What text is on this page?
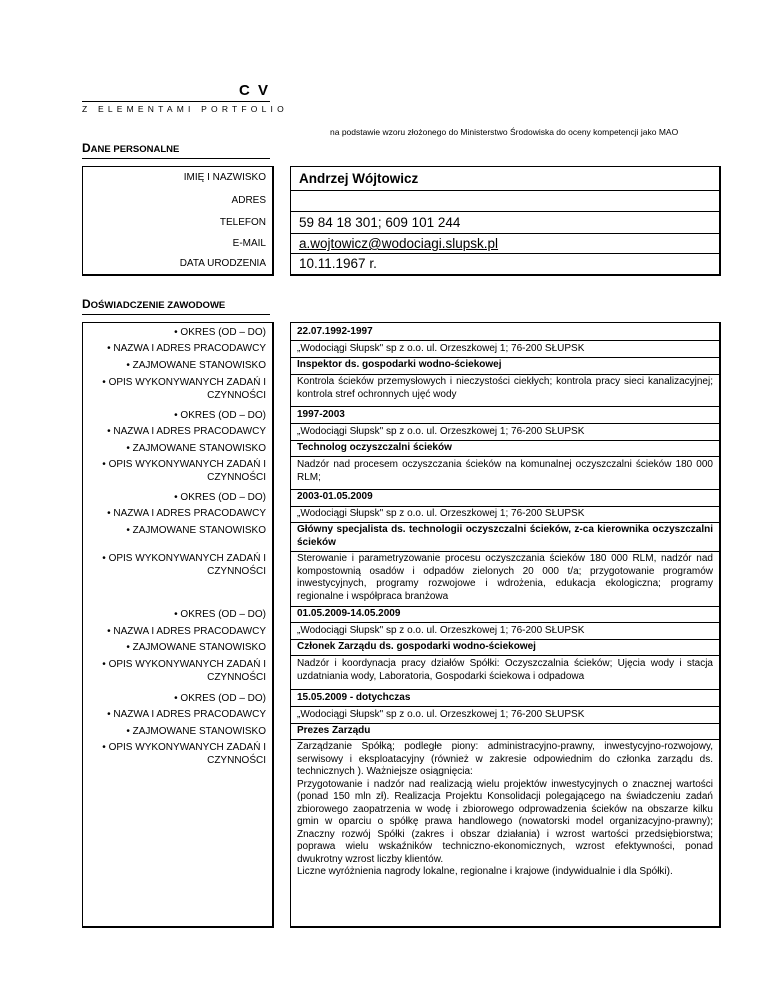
C V
Z ELEMENTAMI PORTFOLIO
na podstawie wzoru złożonego do Ministerstwo Środowiska do oceny kompetencji jako MAO
DANE PERSONALNE
IMIĘ I NAZWISKO
ADRES
TELEFON
E-MAIL
DATA URODZENIA
Andrzej Wójtowicz
59 84 18 301; 609 101 244
a.wojtowicz@wodociagi.slupsk.pl
10.11.1967 r.
DOŚWIADCZENIE ZAWODOWE
• OKRES (OD – DO)
• NAZWA I ADRES PRACODAWCY
• ZAJMOWANE STANOWISKO
• OPIS WYKONYWANYCH ZADAŃ I CZYNNOŚCI
• OKRES (OD – DO)
• NAZWA I ADRES PRACODAWCY
• ZAJMOWANE STANOWISKO
• OPIS WYKONYWANYCH ZADAŃ I CZYNNOŚCI
• OKRES (OD – DO)
• NAZWA I ADRES PRACODAWCY
• ZAJMOWANE STANOWISKO
• OPIS WYKONYWANYCH ZADAŃ I CZYNNOŚCI
• OKRES (OD – DO)
• NAZWA I ADRES PRACODAWCY
• ZAJMOWANE STANOWISKO
• OPIS WYKONYWANYCH ZADAŃ I CZYNNOŚCI
• OKRES (OD – DO)
• NAZWA I ADRES PRACODAWCY
• ZAJMOWANE STANOWISKO
• OPIS WYKONYWANYCH ZADAŃ I CZYNNOŚCI
22.07.1992-1997
„Wodociągi Słupsk" sp z o.o. ul. Orzeszkowej 1; 76-200 SŁUPSK
Inspektor ds. gospodarki wodno-ściekowej
Kontrola ścieków przemysłowych i nieczystości ciekłych; kontrola pracy sieci kanalizacyjnej; kontrola stref ochronnych ujęć wody
1997-2003
„Wodociągi Słupsk" sp z o.o. ul. Orzeszkowej 1; 76-200 SŁUPSK
Technolog oczyszczalni ścieków
Nadzór nad procesem oczyszczania ścieków na komunalnej oczyszczalni ścieków 180 000 RLM;
2003-01.05.2009
„Wodociągi Słupsk" sp z o.o. ul. Orzeszkowej 1; 76-200 SŁUPSK
Główny specjalista ds. technologii oczyszczalni ścieków, z-ca kierownika oczyszczalni ścieków
Sterowanie i parametryzowanie procesu oczyszczania ścieków 180 000 RLM, nadzór nad kompostownią osadów i odpadów zielonych 20 000 t/a; przygotowanie programów inwestycyjnych, programy rozwojowe i wdrożenia, edukacja ekologiczna; programy regionalne i współpraca branżowa
01.05.2009-14.05.2009
„Wodociągi Słupsk" sp z o.o. ul. Orzeszkowej 1; 76-200 SŁUPSK
Członek Zarządu ds. gospodarki wodno-ściekowej
Nadzór i koordynacja pracy działów Spółki: Oczyszczalnia ścieków; Ujęcia wody i stacja uzdatniania wody, Laboratoria, Gospodarki ściekowa i odpadowa
15.05.2009 - dotychczas
„Wodociągi Słupsk" sp z o.o. ul. Orzeszkowej 1; 76-200 SŁUPSK
Prezes Zarządu

Zarządzanie Spółką; podległe piony: administracyjno-prawny, inwestycyjno-rozwojowy, serwisowy i eksploatacyjny (również w zakresie odpowiednim do członka zarządu ds. technicznych ). Ważniejsze osiągnięcia:

Przygotowanie i nadzór nad realizacją wielu projektów inwestycyjnych o znacznej wartości (ponad 150 mln zł). Realizacja Projektu Konsolidacji polegającego na świadczeniu zadań zbiorowego zaopatrzenia w wodę i zbiorowego odprowadzenia ścieków na obszarze kilku gmin w oparciu o spółkę prawa handlowego (nowatorski model organizacyjno-prawny); Znaczny rozwój Spółki (zakres i obszar działania) i wzrost wartości przedsiębiorstwa; poprawa wielu wskaźników techniczno-ekonomicznych, wzrost efektywności, ponad dwukrotny wzrost liczby klientów.

Liczne wyróżnienia nagrody lokalne, regionalne i krajowe (indywidualnie i dla Spółki).
